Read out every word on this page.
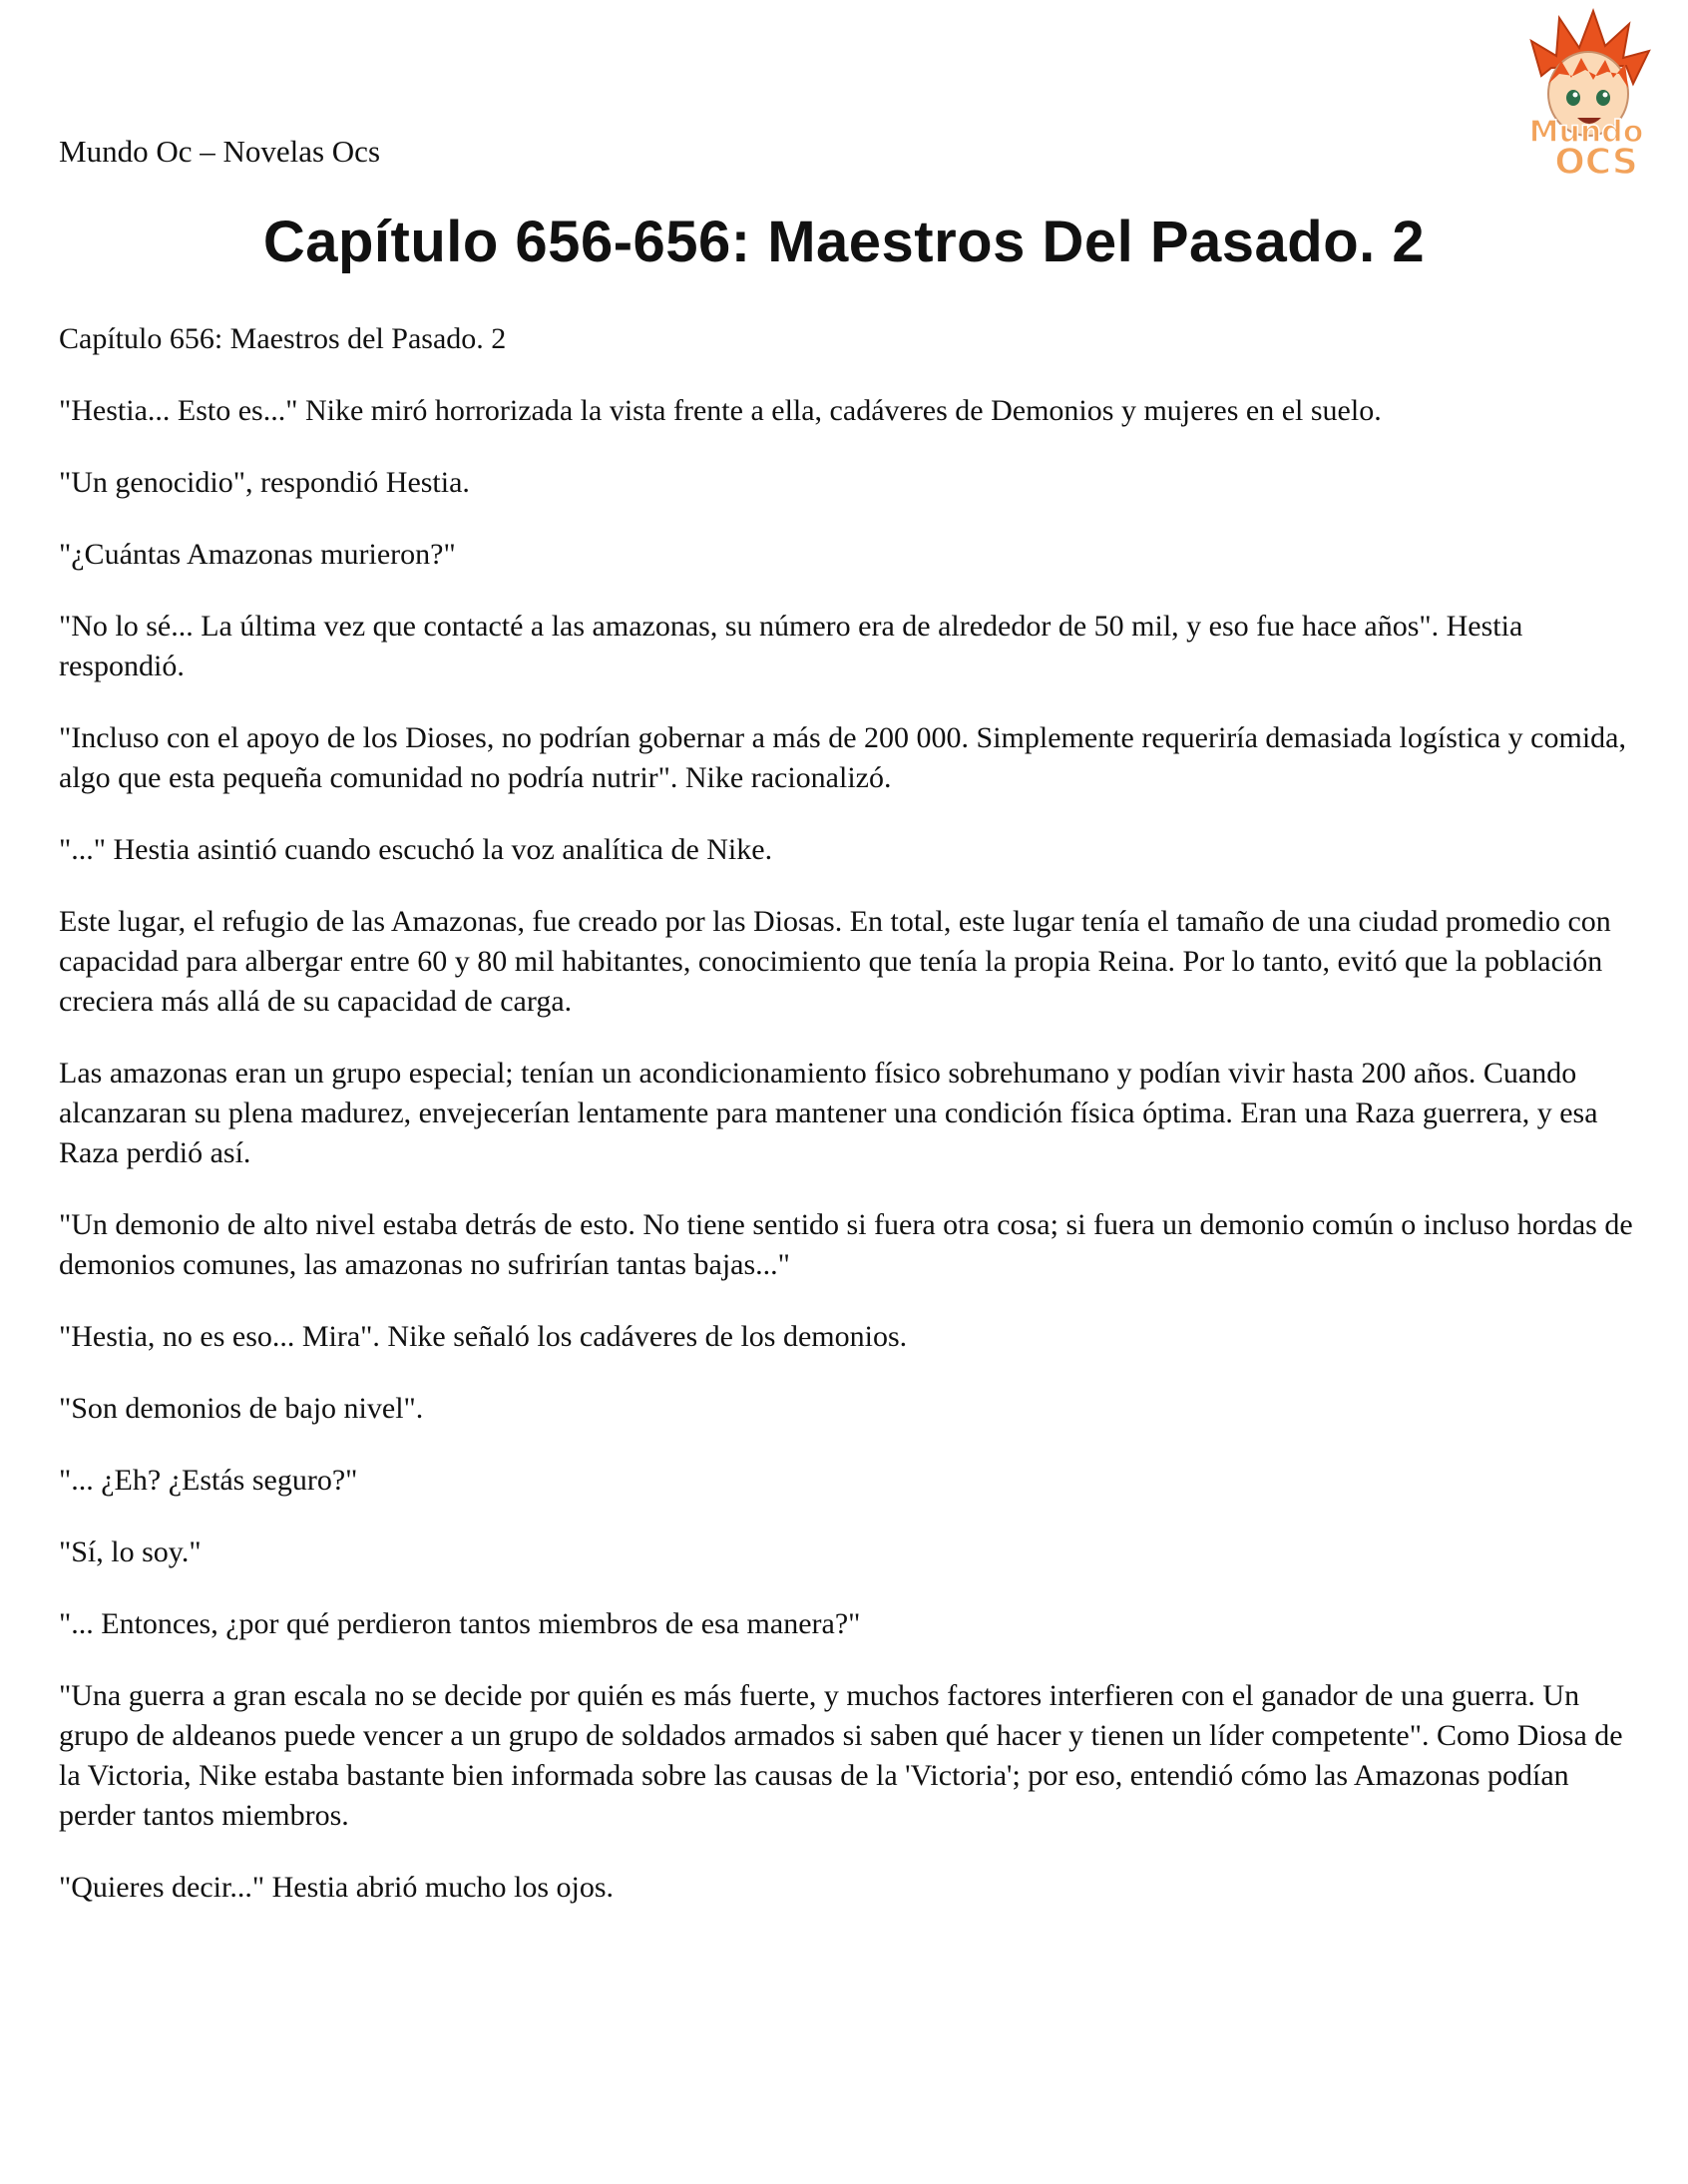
Mundo Oc – Novelas Ocs
Mundo
OCS
Capítulo 656-656: Maestros Del Pasado. 2

Capítulo 656: Maestros del Pasado. 2

"Hestia... Esto es..." Nike miró horrorizada la vista frente a ella, cadáveres de Demonios y mujeres en el suelo.

"Un genocidio", respondió Hestia.

"¿Cuántas Amazonas murieron?"

"No lo sé... La última vez que contacté a las amazonas, su número era de alrededor de 50 mil, y eso fue hace años". Hestia respondió.

"Incluso con el apoyo de los Dioses, no podrían gobernar a más de 200 000. Simplemente requeriría demasiada logística y comida, algo que esta pequeña comunidad no podría nutrir". Nike racionalizó.

"..." Hestia asintió cuando escuchó la voz analítica de Nike.

Este lugar, el refugio de las Amazonas, fue creado por las Diosas. En total, este lugar tenía el tamaño de una ciudad promedio con capacidad para albergar entre 60 y 80 mil habitantes, conocimiento que tenía la propia Reina. Por lo tanto, evitó que la población creciera más allá de su capacidad de carga.

Las amazonas eran un grupo especial; tenían un acondicionamiento físico sobrehumano y podían vivir hasta 200 años. Cuando alcanzaran su plena madurez, envejecerían lentamente para mantener una condición física óptima. Eran una Raza guerrera, y esa Raza perdió así.

"Un demonio de alto nivel estaba detrás de esto. No tiene sentido si fuera otra cosa; si fuera un demonio común o incluso hordas de demonios comunes, las amazonas no sufrirían tantas bajas..."

"Hestia, no es eso... Mira". Nike señaló los cadáveres de los demonios.

"Son demonios de bajo nivel".

"... ¿Eh? ¿Estás seguro?"

"Sí, lo soy."

"... Entonces, ¿por qué perdieron tantos miembros de esa manera?"

"Una guerra a gran escala no se decide por quién es más fuerte, y muchos factores interfieren con el ganador de una guerra. Un grupo de aldeanos puede vencer a un grupo de soldados armados si saben qué hacer y tienen un líder competente". Como Diosa de la Victoria, Nike estaba bastante bien informada sobre las causas de la 'Victoria'; por eso, entendió cómo las Amazonas podían perder tantos miembros.

"Quieres decir..." Hestia abrió mucho los ojos.
